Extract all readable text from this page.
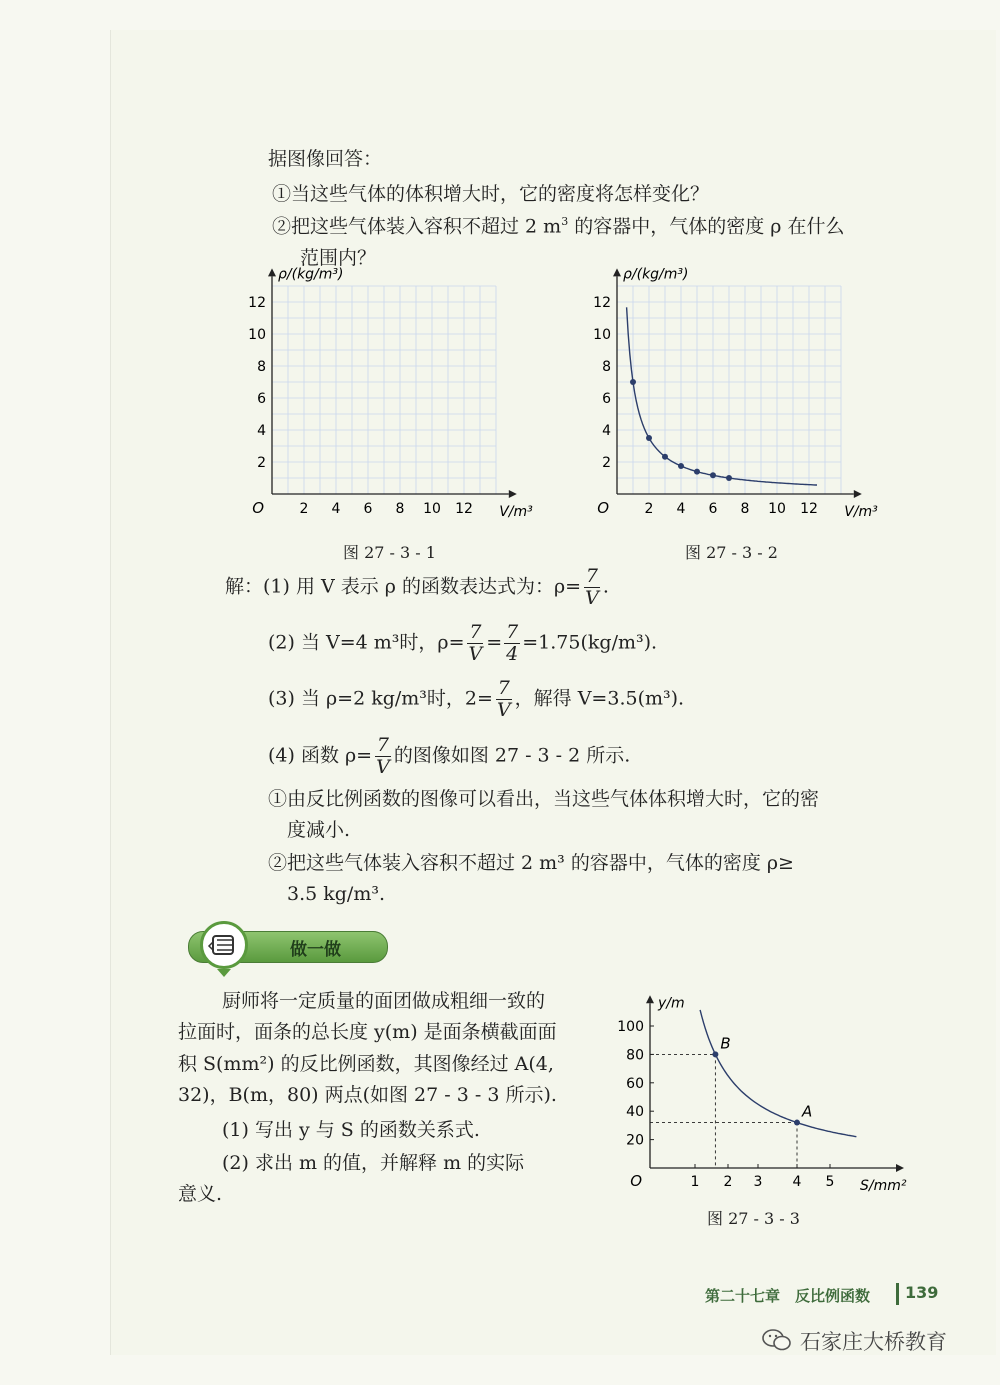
据图像回答：
①当这些气体的体积增大时，它的密度将怎样变化？
②把这些气体装入容积不超过 2 $m^3$ 的容器中，气体的密度 ρ 在什么
范围内？
2 4 6 8 10 12
2
4
6
8
10
12
O
ρ/(kg/m³)
V/m³	2 4 6 8 10 12
2
4
6
8
10
12
O
ρ/(kg/m³)
V/m³
图 27 - 3 - 1	图 27 - 3 - 2
解：(1) 用 V 表示 ρ 的函数表达式为：$\rho= \frac{7}{V}$ .
(2) 当 V=4 m³时，$\rho= \frac{7}{V} = \frac{7}{4} =1.75(kg/m^3)$.
(3) 当 ρ=2 kg/m³时，$2= \frac{7}{V}$ ，解得 V=3.5(m³).
(4) 函数 $\rho= \frac{7}{V}$ 的图像如图 27 - 3 - 2 所示.
①由反比例函数的图像可以看出，当这些气体体积增大时，它的密
度减小.
②把这些气体装入容积不超过 2 m³ 的容器中，气体的密度 ρ≥
3.5 kg/m³.
做一做
厨师将一定质量的面团做成粗细一致的
拉面时，面条的总长度 y(m) 是面条横截面面
积 S(mm²) 的反比例函数，其图像经过 A(4,
32)，B(m，80) 两点(如图 27 - 3 - 3 所示).
(1) 写出 y 与 S 的函数关系式.
(2) 求出 m 的值，并解释 m 的实际
意义.
1 2 3 4 5
20
40
60
80
100
O
y/m
S/mm²
B
A
图 27 - 3 - 3
第二十七章　反比例函数 139
石家庄大桥教育
